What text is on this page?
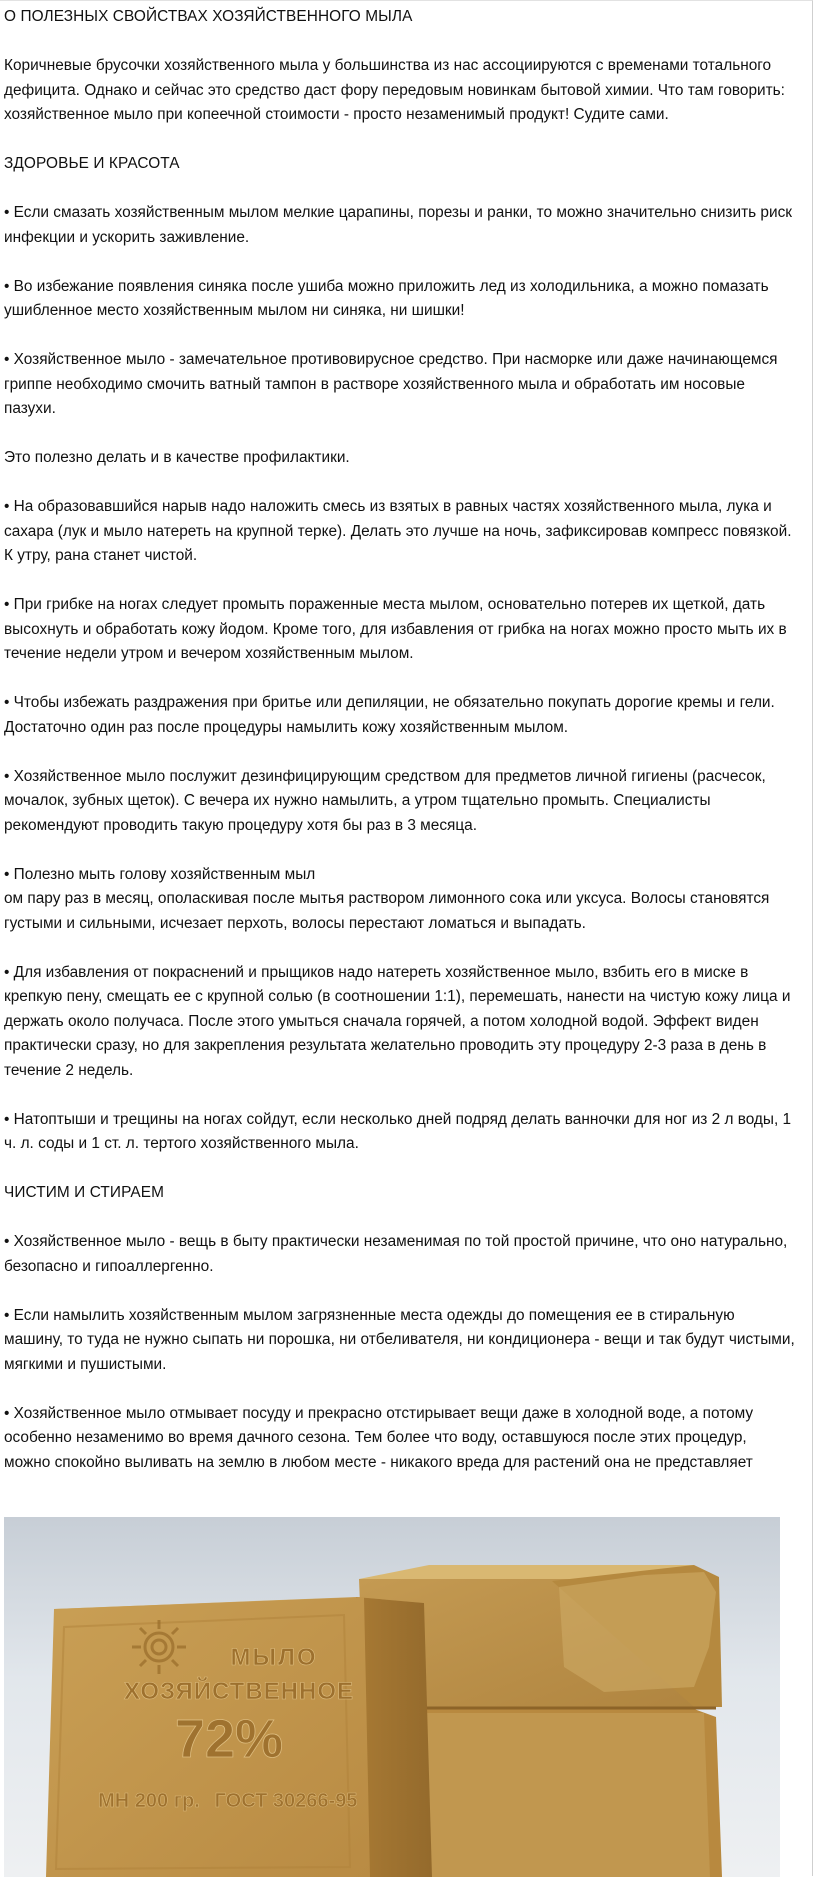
О ПОЛЕЗНЫХ СВОЙСТВАХ ХОЗЯЙСТВЕННОГО МЫЛА

Коричневые брусочки хозяйственного мыла у большинства из нас ассоциируются с временами тотального дефицита. Однако и сейчас это средство даст фору передовым новинкам бытовой химии. Что там говорить: хозяйственное мыло при копеечной стоимости - просто незаменимый продукт! Судите сами.

ЗДОРОВЬЕ И КРАСОТА

• Если смазать хозяйственным мылом мелкие царапины, порезы и ранки, то можно значительно снизить риск инфекции и ускорить заживление.

• Во избежание появления синяка после ушиба можно приложить лед из холодильника, а можно помазать ушибленное место хозяйственным мылом ни синяка, ни шишки!

• Хозяйственное мыло - замечательное противовирусное средство. При насморке или даже начинающемся гриппе необходимо смочить ватный тампон в растворе хозяйственного мыла и обработать им носовые пазухи.

Это полезно делать и в качестве профилактики.

• На образовавшийся нарыв надо наложить смесь из взятых в равных частях хозяйственного мыла, лука и сахара (лук и мыло натереть на крупной терке). Делать это лучше на ночь, зафиксировав компресс повязкой. К утру, рана станет чистой.

• При грибке на ногах следует промыть пораженные места мылом, основательно потерев их щеткой, дать высохнуть и обработать кожу йодом. Кроме того, для избавления от грибка на ногах можно просто мыть их в течение недели утром и вечером хозяйственным мылом.

• Чтобы избежать раздражения при бритье или депиляции, не обязательно покупать дорогие кремы и гели. Достаточно один раз после процедуры намылить кожу хозяйственным мылом.

• Хозяйственное мыло послужит дезинфицирующим средством для предметов личной гигиены (расчесок, мочалок, зубных щеток). С вечера их нужно намылить, а утром тщательно промыть. Специалисты рекомендуют проводить такую процедуру хотя бы раз в 3 месяца.

• Полезно мыть голову хозяйственным мыл
ом пару раз в месяц, ополаскивая после мытья раствором лимонного сока или уксуса. Волосы становятся густыми и сильными, исчезает перхоть, волосы перестают ломаться и выпадать.

• Для избавления от покраснений и прыщиков надо натереть хозяйственное мыло, взбить его в миске в крепкую пену, смещать ее с крупной солью (в соотношении 1:1), перемешать, нанести на чистую кожу лица и держать около получаса. После этого умыться сначала горячей, а потом холодной водой. Эффект виден практически сразу, но для закрепления результата желательно проводить эту процедуру 2-3 раза в день в течение 2 недель.

• Натоптыши и трещины на ногах сойдут, если несколько дней подряд делать ванночки для ног из 2 л воды, 1 ч. л. соды и 1 ст. л. тертого хозяйственного мыла.

ЧИСТИМ И СТИРАЕМ

• Хозяйственное мыло - вещь в быту практически незаменимая по той простой причине, что оно натурально, безопасно и гипоаллергенно.

• Если намылить хозяйственным мылом загрязненные места одежды до помещения ее в стиральную машину, то туда не нужно сыпать ни порошка, ни отбеливателя, ни кондиционера - вещи и так будут чистыми, мягкими и пушистыми.

• Хозяйственное мыло отмывает посуду и прекрасно отстирывает вещи даже в холодной воде, а потому особенно незаменимо во время дачного сезона. Тем более что воду, оставшуюся после этих процедур, можно спокойно выливать на землю в любом месте - никакого вреда для растений она не представляет

МЫЛО
ХОЗЯЙСТВЕННОЕ
72%
МН 200 гр. ГОСТ 30266-95
